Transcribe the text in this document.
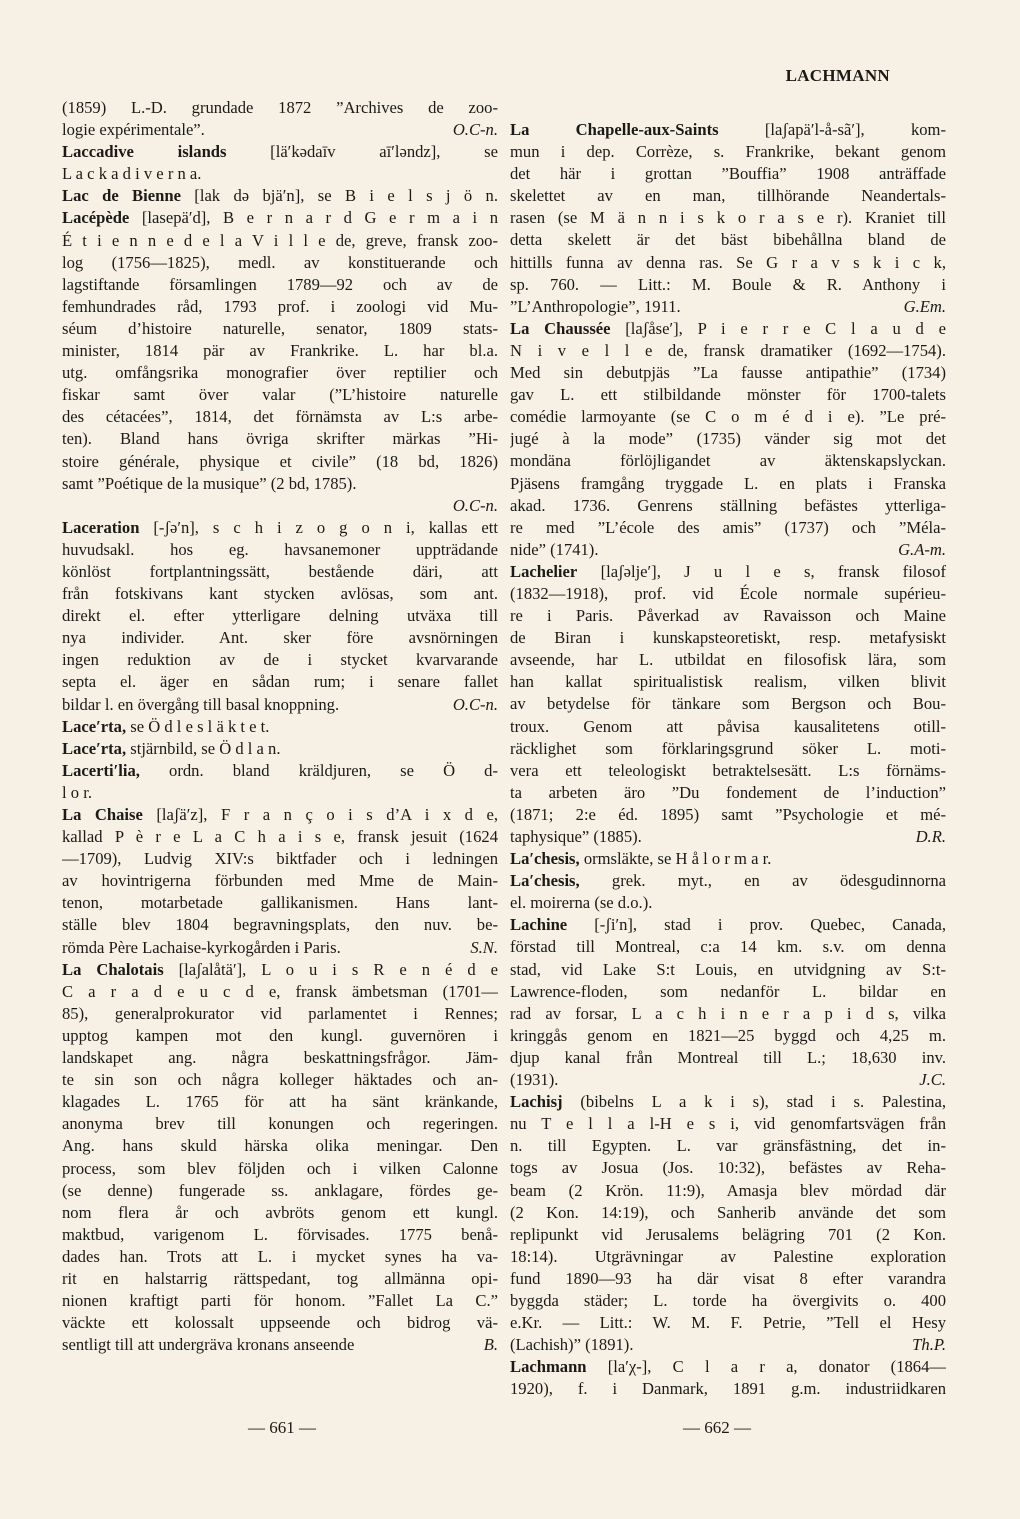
LACHMANN
(1859) L.-D. grundade 1872 ”Archives de zoo-
O.C-n.
logie expérimentale”.
Laccadive islands [lä′kədaīv aī′ləndz], se
L a c k a d i v e r n a.
Lac de Bienne [lak də bjä′n], se B i e l s j ö n.
Lacépède [lasepä′d], B e r n a r d G e r m a i n
É t i e n n e d e l a V i l l e de, greve, fransk zoo-
log (1756—1825), medl. av konstituerande och
lagstiftande församlingen 1789—92 och av de
femhundrades råd, 1793 prof. i zoologi vid Mu-
séum d’histoire naturelle, senator, 1809 stats-
minister, 1814 pär av Frankrike. L. har bl.a.
utg. omfångsrika monografier över reptilier och
fiskar samt över valar (”L’histoire naturelle
des cétacées”, 1814, det förnämsta av L:s arbe-
ten). Bland hans övriga skrifter märkas ”Hi-
stoire générale, physique et civile” (18 bd, 1826)
samt ”Poétique de la musique” (2 bd, 1785).
O.C-n.
Laceration [-ʃə′n], s c h i z o g o n i, kallas ett
huvudsakl. hos eg. havsanemoner uppträdande
könlöst fortplantningssätt, bestående däri, att
från fotskivans kant stycken avlösas, som ant.
direkt el. efter ytterligare delning utväxa till
nya individer. Ant. sker före avsnörningen
ingen reduktion av de i stycket kvarvarande
septa el. äger en sådan rum; i senare fallet
O.C-n.
bildar l. en övergång till basal knoppning.
Lace′rta, se Ö d l e s l ä k t e t.
Lace′rta, stjärnbild, se Ö d l a n.
Lacerti′lia, ordn. bland kräldjuren, se Ö d-
l o r.
La Chaise [laʃä′z], F r a n ç o i s d’A i x d e,
kallad P è r e L a C h a i s e, fransk jesuit (1624
—1709), Ludvig XIV:s biktfader och i ledningen
av hovintrigerna förbunden med Mme de Main-
tenon, motarbetade gallikanismen. Hans lant-
ställe blev 1804 begravningsplats, den nuv. be-
S.N.
römda Père Lachaise-kyrkogården i Paris.
La Chalotais [laʃalåtä′], L o u i s R e n é d e
C a r a d e u c d e, fransk ämbetsman (1701—
85), generalprokurator vid parlamentet i Rennes;
upptog kampen mot den kungl. guvernören i
landskapet ang. några beskattningsfrågor. Jäm-
te sin son och några kolleger häktades och an-
klagades L. 1765 för att ha sänt kränkande,
anonyma brev till konungen och regeringen.
Ang. hans skuld härska olika meningar. Den
process, som blev följden och i vilken Calonne
(se denne) fungerade ss. anklagare, fördes ge-
nom flera år och avbröts genom ett kungl.
maktbud, varigenom L. förvisades. 1775 benå-
dades han. Trots att L. i mycket synes ha va-
rit en halstarrig rättspedant, tog allmänna opi-
nionen kraftigt parti för honom. ”Fallet La C.”
väckte ett kolossalt uppseende och bidrog vä-
B.
sentligt till att undergräva kronans anseende
La Chapelle-aux-Saints [laʃapä′l-å-sã′], kom-
mun i dep. Corrèze, s. Frankrike, bekant genom
det här i grottan ”Bouffia” 1908 anträffade
skelettet av en man, tillhörande Neandertals-
rasen (se M ä n n i s k o r a s e r). Kraniet till
detta skelett är det bäst bibehållna bland de
hittills funna av denna ras. Se G r a v s k i c k,
sp. 760. — Litt.: M. Boule & R. Anthony i
G.Em.
”L’Anthropologie”, 1911.
La Chaussée [laʃåse′], P i e r r e C l a u d e
N i v e l l e de, fransk dramatiker (1692—1754).
Med sin debutpjäs ”La fausse antipathie” (1734)
gav L. ett stilbildande mönster för 1700-talets
comédie larmoyante (se C o m é d i e). ”Le pré-
jugé à la mode” (1735) vänder sig mot det
mondäna förlöjligandet av äktenskapslyckan.
Pjäsens framgång tryggade L. en plats i Franska
akad. 1736. Genrens ställning befästes ytterliga-
re med ”L’école des amis” (1737) och ”Méla-
G.A-m.
nide” (1741).
Lachelier [laʃəlje′], J u l e s, fransk filosof
(1832—1918), prof. vid École normale supérieu-
re i Paris. Påverkad av Ravaisson och Maine
de Biran i kunskapsteoretiskt, resp. metafysiskt
avseende, har L. utbildat en filosofisk lära, som
han kallat spiritualistisk realism, vilken blivit
av betydelse för tänkare som Bergson och Bou-
troux. Genom att påvisa kausalitetens otill-
räcklighet som förklaringsgrund söker L. moti-
vera ett teleologiskt betraktelsesätt. L:s förnäms-
ta arbeten äro ”Du fondement de l’induction”
(1871; 2:e éd. 1895) samt ”Psychologie et mé-
D.R.
taphysique” (1885).
La′chesis, ormsläkte, se H å l o r m a r.
La′chesis, grek. myt., en av ödesgudinnorna
el. moirerna (se d.o.).
Lachine [-ʃi′n], stad i prov. Quebec, Canada,
förstad till Montreal, c:a 14 km. s.v. om denna
stad, vid Lake S:t Louis, en utvidgning av S:t-
Lawrence-floden, som nedanför L. bildar en
rad av forsar, L a c h i n e r a p i d s, vilka
kringgås genom en 1821—25 byggd och 4,25 m.
djup kanal från Montreal till L.; 18,630 inv.
J.C.
(1931).
Lachisj (bibelns L a k i s), stad i s. Palestina,
nu T e l l a l-H e s i, vid genomfartsvägen från
n. till Egypten. L. var gränsfästning, det in-
togs av Josua (Jos. 10:32), befästes av Reha-
beam (2 Krön. 11:9), Amasja blev mördad där
(2 Kon. 14:19), och Sanherib använde det som
replipunkt vid Jerusalems belägring 701 (2 Kon.
18:14). Utgrävningar av Palestine exploration
fund 1890—93 ha där visat 8 efter varandra
byggda städer; L. torde ha övergivits o. 400
e.Kr. — Litt.: W. M. F. Petrie, ”Tell el Hesy
Th.P.
(Lachish)” (1891).
Lachmann [la′χ-], C l a r a, donator (1864—
1920), f. i Danmark, 1891 g.m. industriidkaren
— 661 —	— 662 —
